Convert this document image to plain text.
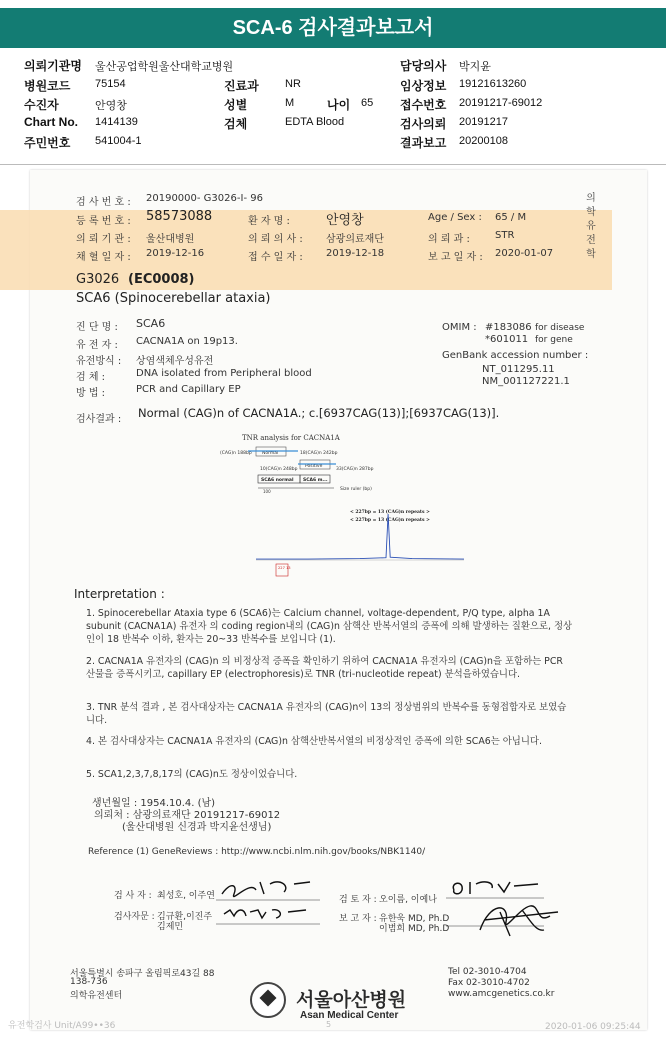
SCA-6 검사결과보고서
의뢰기관명 울산공업학원울산대학교병원
병원코드 75154
수진자	안영창
Chart No. 1414139
주민번호 541004-1
진료과 NR
성별	M	나이 65
검체	EDTA Blood
담당의사 박지윤
임상정보 19121613260
접수번호 20191217-69012
검사의뢰 20191217
결과보고 20200108
검 사 번 호 : 20190000- G3026-I- 96
등 록 번 호 : 58573088	환 자 명 :	안영창	Age / Sex : 65 / M
의 뢰 기 관 : 울산대병원	의 뢰 의 사 : 삼광의료재단	의 뢰 과 :	STR
채 혈 일 자 : 2019-12-16	접 수 일 자 : 2019-12-18	보 고 일 자 : 2020-01-07
의학유전학
G3026 (EC0008)
SCA6 (Spinocerebellar ataxia)
진 단 명 : SCA6
유 전 자 : CACNA1A on 19p13.
유전방식 : 상염색체우성유전
검 체 :	DNA isolated from Peripheral blood
방 법 :	PCR and Capillary EP
OMIM : #183086 for disease
*601011 for gene
GenBank accession number :
NT_011295.11
NM_001127221.1
검사결과 : Normal (CAG)n of CACNA1A.; c.[6937CAG(13)];[6937CAG(13)].
TNR analysis for CACNA1A
(CAG)n 188bp Normal	18(CAG)n 242bp
10(CAG)n 248bp
Positive
33(CAG)n 287bp
SCA6 normal SCA6 m...
100	Size ruler (bp)
< 227bp = 13 (CAG)n repeats >
< 227bp = 13 (CAG)n repeats >
227 13
Interpretation :
1. Spinocerebellar Ataxia type 6 (SCA6)는 Calcium channel, voltage-dependent, P/Q type, alpha 1A subunit (CACNA1A) 유전자 의 coding region내의 (CAG)n 삼핵산 반복서열의 증폭에 의해 발생하는 질환으로, 정상인이 18 반복수 이하, 환자는 20~33 반복수를 보입니다 (1).
2. CACNA1A 유전자의 (CAG)n 의 비정상적 증폭을 확인하기 위하여 CACNA1A 유전자의 (CAG)n을 포함하는 PCR 산물을 증폭시키고, capillary EP (electrophoresis)로 TNR (tri-nucleotide repeat) 분석을하였습니다.
3. TNR 분석 결과 , 본 검사대상자는 CACNA1A 유전자의 (CAG)n이 13의 정상범위의 반복수를 동형접합자로 보였습니다.
4. 본 검사대상자는 CACNA1A 유전자의 (CAG)n 삼핵산반복서열의 비정상적인 증폭에 의한 SCA6는 아닙니다.
5. SCA1,2,3,7,8,17의 (CAG)n도 정상이었습니다.
생년월일 : 1954.10.4. (남)
의뢰처 : 삼광의료재단 20191217-69012
(울산대병원 신경과 박지윤선생님)
Reference (1) GeneReviews : http://www.ncbi.nlm.nih.gov/books/NBK1140/
검 사 자 : 최성호, 이주연
검사자문 : 김규환,이진주
김제민
검 토 자 : 오이름, 이예나
보 고 자 : 유한욱 MD, Ph.D
이범희 MD, Ph.D
서울특별시 송파구 올림픽로43길 88
138-736
의학유전센터	서울아산병원
Asan Medical Center
Tel 02-3010-4704
Fax 02-3010-4702
www.amcgenetics.co.kr
유전학검사 Unit/A99••36	5	2020-01-06 09:25:44
